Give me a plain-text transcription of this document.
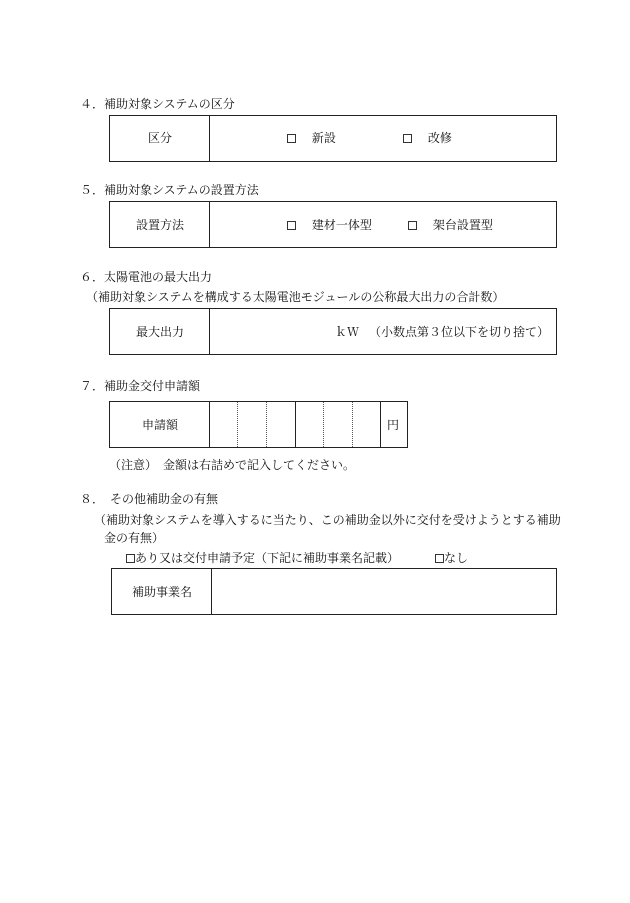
４．補助対象システムの区分
区分	新設	改修
５．補助対象システムの設置方法
設置方法	建材一体型	架台設置型
６．太陽電池の最大出力
（補助対象システムを構成する太陽電池モジュールの公称最大出力の合計数）
最大出力	ｋＷ （小数点第３位以下を切り捨て）
７．補助金交付申請額
申請額	円
（注意）　金額は右詰めで記入してください。
８．　その他補助金の有無
（補助対象システムを導入するに当たり、この補助金以外に交付を受けようとする補助
金の有無）
あり又は交付申請予定（下記に補助事業名記載）	なし
補助事業名
